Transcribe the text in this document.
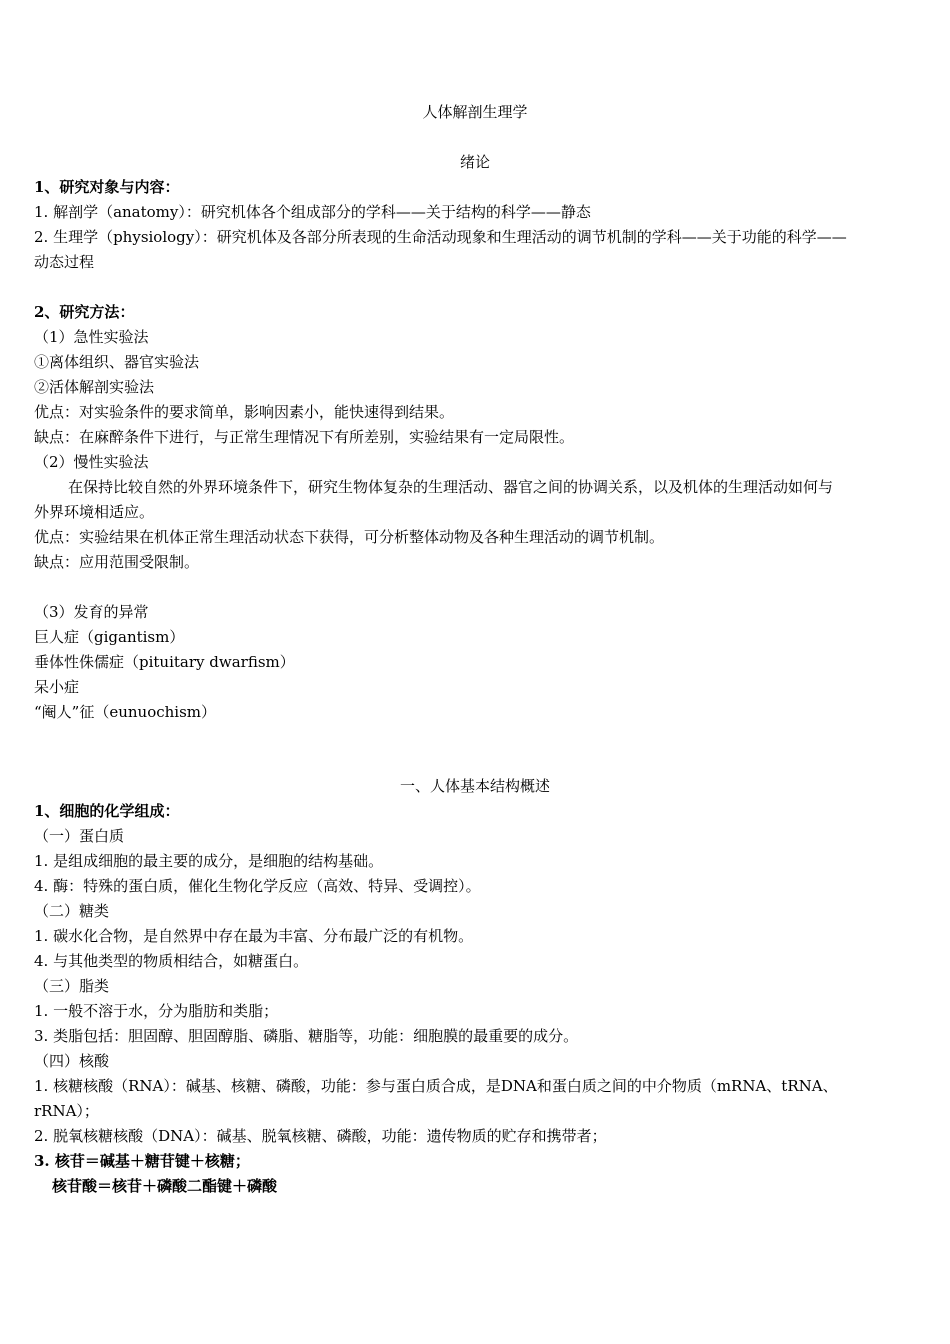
人体解剖生理学
绪论
1、研究对象与内容：
1. 解剖学（anatomy）：研究机体各个组成部分的学科——关于结构的科学——静态
2. 生理学（physiology）：研究机体及各部分所表现的生命活动现象和生理活动的调节机制的学科——关于功能的科学——
动态过程
2、研究方法：
（1）急性实验法
①离体组织、器官实验法
②活体解剖实验法
优点：对实验条件的要求简单，影响因素小，能快速得到结果。
缺点：在麻醉条件下进行，与正常生理情况下有所差别，实验结果有一定局限性。
（2）慢性实验法
在保持比较自然的外界环境条件下，研究生物体复杂的生理活动、器官之间的协调关系，以及机体的生理活动如何与
外界环境相适应。
优点：实验结果在机体正常生理活动状态下获得，可分析整体动物及各种生理活动的调节机制。
缺点：应用范围受限制。
（3）发育的异常
巨人症（gigantism）
垂体性侏儒症（pituitary dwarfism）
呆小症
“阉人”征（eunuochism）
一、人体基本结构概述
1、细胞的化学组成：
（一）蛋白质
1. 是组成细胞的最主要的成分，是细胞的结构基础。
4. 酶：特殊的蛋白质，催化生物化学反应（高效、特异、受调控）。
（二）糖类
1. 碳水化合物，是自然界中存在最为丰富、分布最广泛的有机物。
4. 与其他类型的物质相结合，如糖蛋白。
（三）脂类
1. 一般不溶于水，分为脂肪和类脂；
3. 类脂包括：胆固醇、胆固醇脂、磷脂、糖脂等，功能：细胞膜的最重要的成分。
（四）核酸
1. 核糖核酸（RNA）：碱基、核糖、磷酸，功能：参与蛋白质合成，是DNA和蛋白质之间的中介物质（mRNA、tRNA、
rRNA）；
2. 脱氧核糖核酸（DNA）：碱基、脱氧核糖、磷酸，功能：遗传物质的贮存和携带者；
3. 核苷＝碱基＋糖苷键＋核糖；
核苷酸＝核苷＋磷酸二酯键＋磷酸
